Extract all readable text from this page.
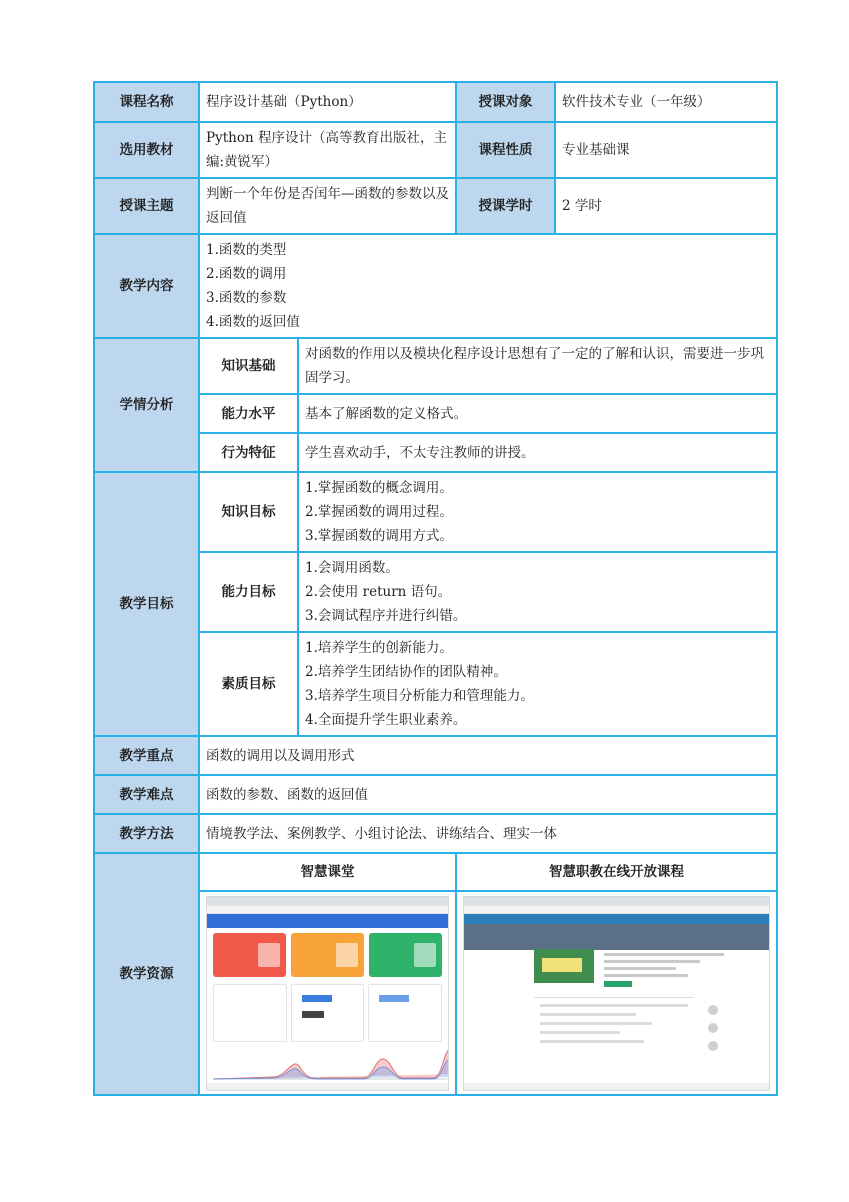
课程名称	程序设计基础（Python）		授课对象	软件技术专业（一年级）
选用教材	Python 程序设计（高等教育出版社，主编:黄锐军）		课程性质	专业基础课
授课主题	判断一个年份是否闰年—函数的参数以及返回值		授课学时	2 学时
教学内容	1.函数的类型
2.函数的调用
3.函数的参数
4.函数的返回值			

学情分析	知识基础	对函数的作用以及模块化程序设计思想有了一定的了解和认识，需要进一步巩固学习。		
	能力水平	基本了解函数的定义格式。		
	行为特征	学生喜欢动手，不太专注教师的讲授。		
教学目标	知识目标	1.掌握函数的概念调用。
2.掌握函数的调用过程。
3.掌握函数的调用方式。		

	能力目标	1.会调用函数。
2.会使用 return 语句。
3.会调试程序并进行纠错。		

	素质目标	1.培养学生的创新能力。
2.培养学生团结协作的团队精神。
3.培养学生项目分析能力和管理能力。
4.全面提升学生职业素养。		

教学重点	函数的调用以及调用形式			
教学难点	函数的参数、函数的返回值			
教学方法	情境教学法、案例教学、小组讨论法、讲练结合、理实一体			
教学资源	智慧课堂		智慧职教在线开放课程	
